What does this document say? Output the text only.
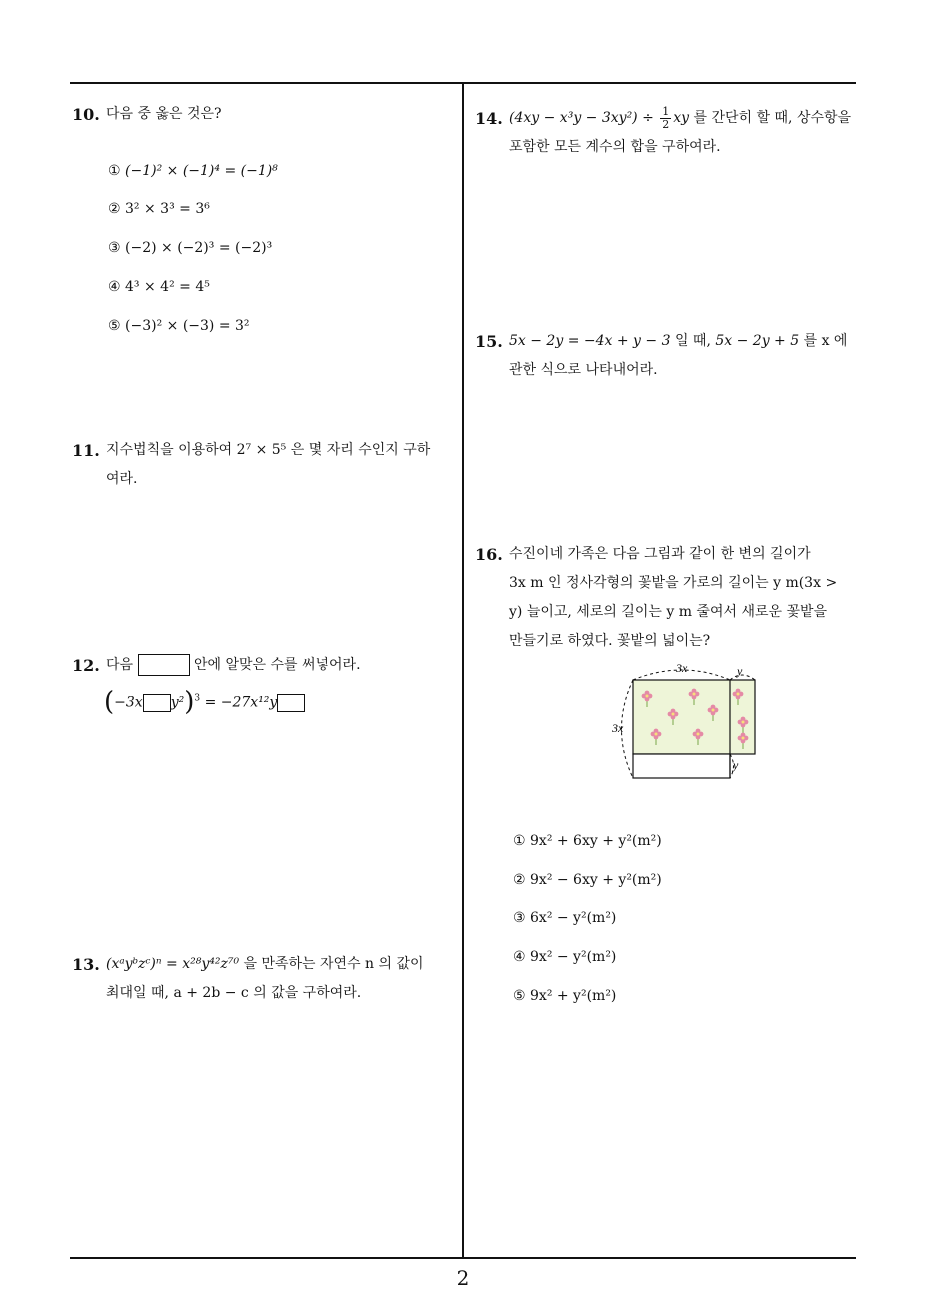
10. 다음 중 옳은 것은?
① (−1)² × (−1)⁴ = (−1)⁸
② 3² × 3³ = 3⁶
③ (−2) × (−2)³ = (−2)³
④ 4³ × 4² = 4⁵
⑤ (−3)² × (−3) = 3²
11. 지수법칙을 이용하여 2⁷ × 5⁵ 은 몇 자리 수인지 구하
여라.
12. 다음	안에 알맞은 수를 써넣어라.
(−3x y²)$^3$ = −27x¹²y
13. (xᵃyᵇzᶜ)ⁿ = x²⁸y⁴²z⁷⁰ 을 만족하는 자연수 n 의 값이
최대일 때, a + 2b − c 의 값을 구하여라.
14. $(4xy - x^3y - 3xy^2) \div \frac{1}{2}$ xy 를 간단히 할 때, 상수항을
포함한 모든 계수의 합을 구하여라.
15. 5x − 2y = −4x + y − 3 일 때, 5x − 2y + 5 를 x 에
관한 식으로 나타내어라.
16. 수진이네 가족은 다음 그림과 같이 한 변의 길이가
3x m 인 정사각형의 꽃밭을 가로의 길이는 y m(3x >
y) 늘이고, 세로의 길이는 y m 줄여서 새로운 꽃밭을
만들기로 하였다. 꽃밭의 넓이는?
3x	y
3x
y
① 9x² + 6xy + y²(m²)
② 9x² − 6xy + y²(m²)
③ 6x² − y²(m²)
④ 9x² − y²(m²)
⑤ 9x² + y²(m²)
2
